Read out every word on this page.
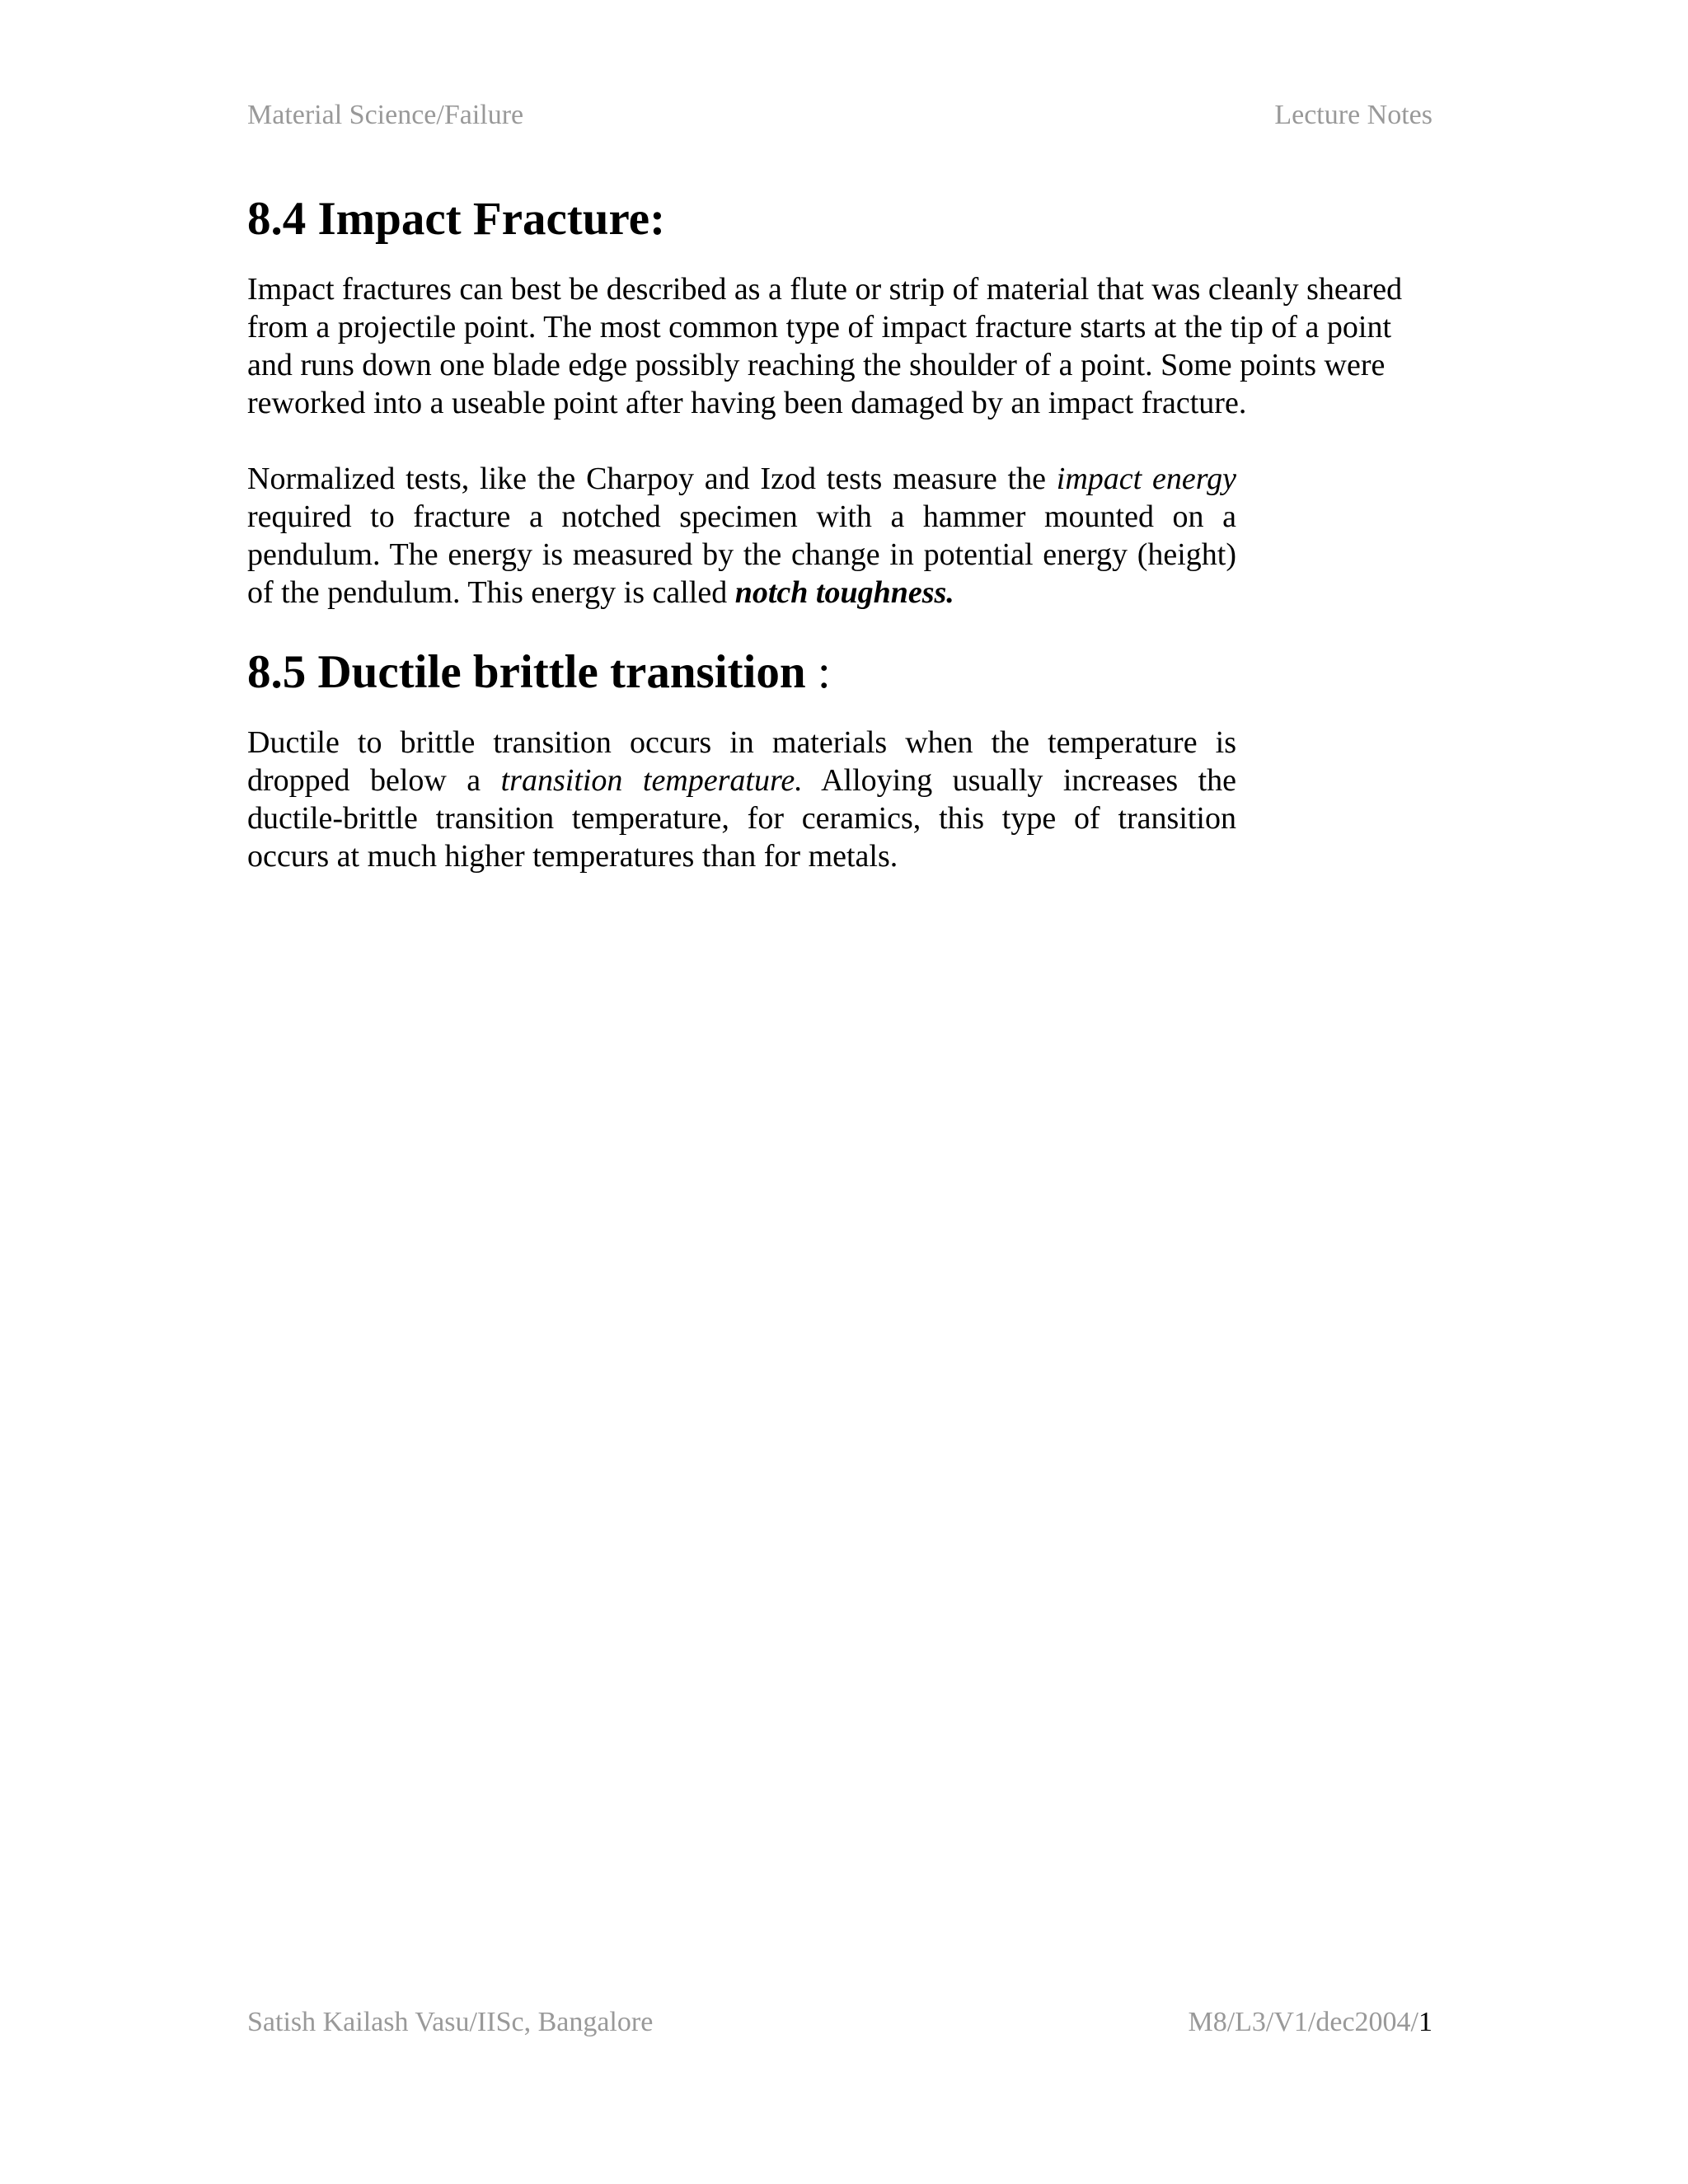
Material Science/Failure	Lecture Notes
8.4 Impact Fracture:

Impact fractures can best be described as a flute or strip of material that was cleanly sheared from a projectile point. The most common type of impact fracture starts at the tip of a point and runs down one blade edge possibly reaching the shoulder of a point. Some points were reworked into a useable point after having been damaged by an impact fracture.

Normalized tests, like the Charpoy and Izod tests measure the impact energy required to fracture a notched specimen with a hammer mounted on a pendulum. The energy is measured by the change in potential energy (height) of the pendulum. This energy is called notch toughness.

8.5 Ductile brittle transition :

Ductile to brittle transition occurs in materials when the temperature is dropped below a transition temperature. Alloying usually increases the ductile-brittle transition temperature, for ceramics, this type of transition occurs at much higher temperatures than for metals.

Satish Kailash Vasu/IISc, Bangalore	M8/L3/V1/dec2004/1
